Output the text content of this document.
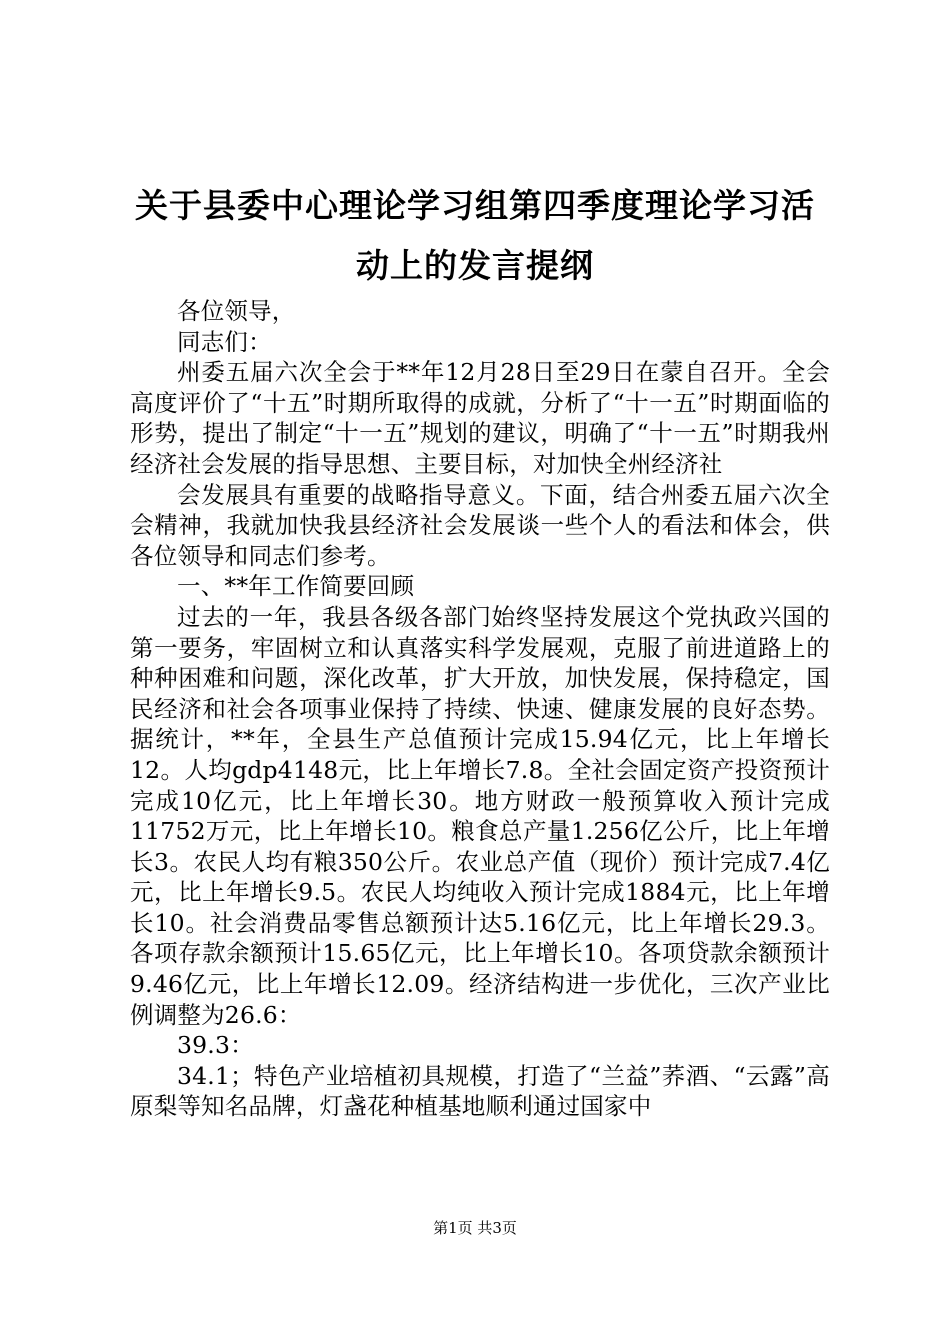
关于县委中心理论学习组第四季度理论学习活动上的发言提纲

各位领导，

同志们：

州委五届六次全会于**年12月28日至29日在蒙自召开。全会高度评价了“十五”时期所取得的成就，分析了“十一五”时期面临的形势，提出了制定“十一五”规划的建议，明确了“十一五”时期我州经济社会发展的指导思想、主要目标，对加快全州经济社

会发展具有重要的战略指导意义。下面，结合州委五届六次全会精神，我就加快我县经济社会发展谈一些个人的看法和体会，供各位领导和同志们参考。

一、**年工作简要回顾

过去的一年，我县各级各部门始终坚持发展这个党执政兴国的第一要务，牢固树立和认真落实科学发展观，克服了前进道路上的种种困难和问题，深化改革，扩大开放，加快发展，保持稳定，国民经济和社会各项事业保持了持续、快速、健康发展的良好态势。据统计，**年，全县生产总值预计完成15.94亿元，比上年增长12。人均gdp4148元，比上年增长7.8。全社会固定资产投资预计完成10亿元，比上年增长30。地方财政一般预算收入预计完成11752万元，比上年增长10。粮食总产量1.256亿公斤，比上年增长3。农民人均有粮350公斤。农业总产值（现价）预计完成7.4亿元，比上年增长9.5。农民人均纯收入预计完成1884元，比上年增长10。社会消费品零售总额预计达5.16亿元，比上年增长29.3。各项存款余额预计15.65亿元，比上年增长10。各项贷款余额预计9.46亿元，比上年增长12.09。经济结构进一步优化，三次产业比例调整为26.6：

39.3：

34.1；特色产业培植初具规模，打造了“兰益”荞酒、“云露”高原梨等知名品牌，灯盏花种植基地顺利通过国家中

第1页 共3页
